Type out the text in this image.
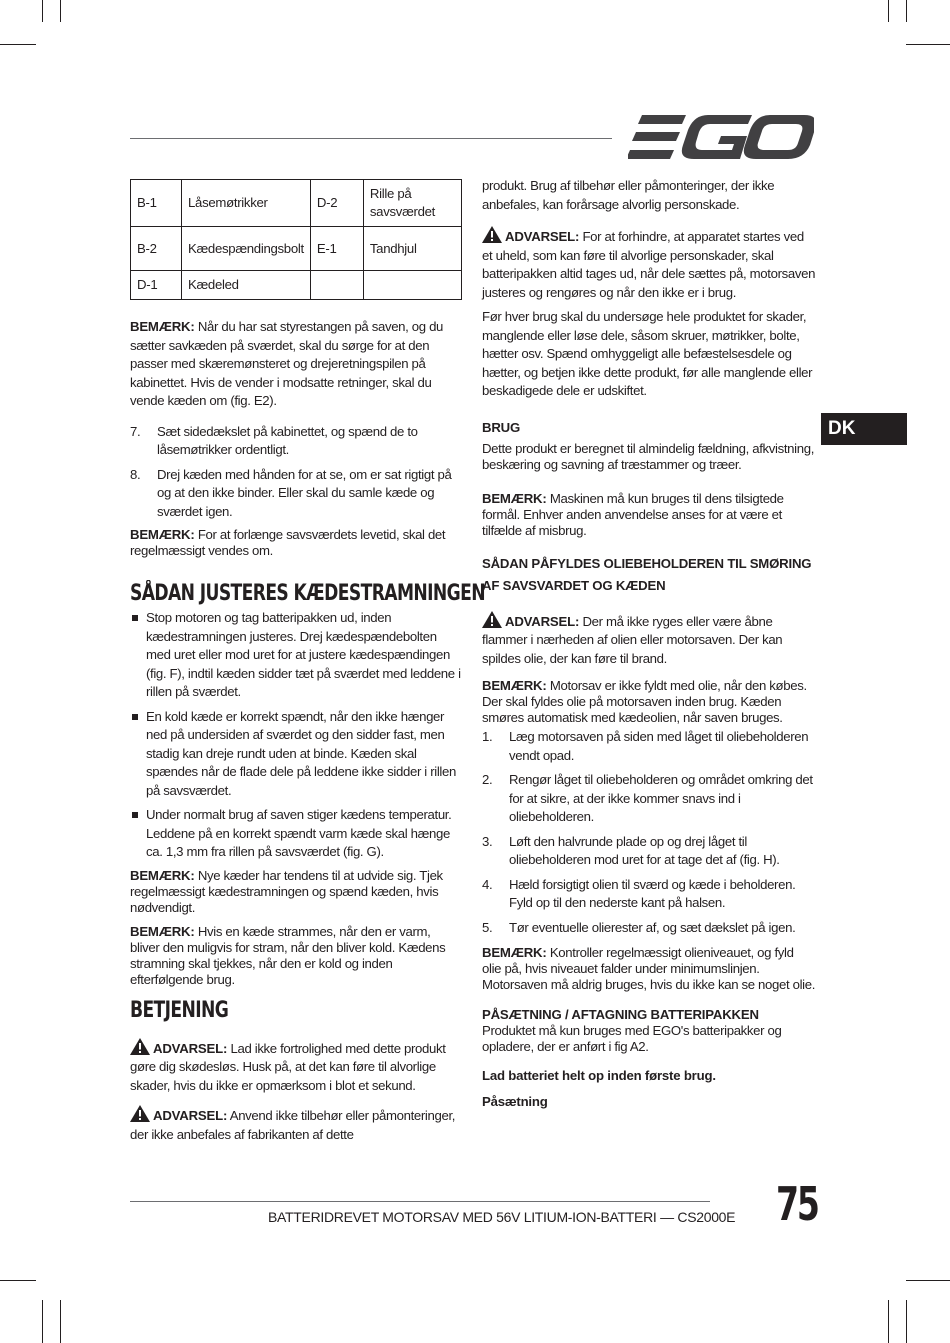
EGO
DK
B-1	Låsemøtrikker	D-2	Rille på savsværdet
B-2	Kædespændingsbolt	E-1	Tandhjul
D-1	Kædeled		

BEMÆRK: Når du har sat styrestangen på saven, og du sætter savkæden på sværdet, skal du sørge for at den passer med skæremønsteret og drejeretningspilen på kabinettet. Hvis de vender i modsatte retninger, skal du vende kæden om (fig. E2).

7. Sæt sidedækslet på kabinettet, og spænd de to låsemøtrikker ordentligt.
8. Drej kæden med hånden for at se, om er sat rigtigt på og at den ikke binder. Eller skal du samle kæde og sværdet igen.

BEMÆRK: For at forlænge savsværdets levetid, skal det regelmæssigt vendes om.

SÅDAN JUSTERES KÆDESTRAMNINGEN
Stop motoren og tag batteripakken ud, inden kædestramningen justeres. Drej kædespændebolten med uret eller mod uret for at justere kædespændingen (fig. F), indtil kæden sidder tæt på sværdet med leddene i rillen på sværdet.
En kold kæde er korrekt spændt, når den ikke hænger ned på undersiden af sværdet og den sidder fast, men stadig kan dreje rundt uden at binde. Kæden skal spændes når de flade dele på leddene ikke sidder i rillen på savsværdet.
Under normalt brug af saven stiger kædens temperatur. Leddene på en korrekt spændt varm kæde skal hænge ca. 1,3 mm fra rillen på savsværdet (fig. G).

BEMÆRK: Nye kæder har tendens til at udvide sig. Tjek regelmæssigt kædestramningen og spænd kæden, hvis nødvendigt.

BEMÆRK: Hvis en kæde strammes, når den er varm, bliver den muligvis for stram, når den bliver kold. Kædens stramning skal tjekkes, når den er kold og inden efterfølgende brug.

BETJENING

ADVARSEL: Lad ikke fortrolighed med dette produkt gøre dig skødesløs. Husk på, at det kan føre til alvorlige skader, hvis du ikke er opmærksom i blot et sekund.

ADVARSEL: Anvend ikke tilbehør eller påmonteringer, der ikke anbefales af fabrikanten af dette

produkt. Brug af tilbehør eller påmonteringer, der ikke anbefales, kan forårsage alvorlig personskade.

ADVARSEL: For at forhindre, at apparatet startes ved et uheld, som kan føre til alvorlige personskader, skal batteripakken altid tages ud, når dele sættes på, motorsaven justeres og rengøres og når den ikke er i brug.

Før hver brug skal du undersøge hele produktet for skader, manglende eller løse dele, såsom skruer, møtrikker, bolte, hætter osv. Spænd omhyggeligt alle befæstelsesdele og hætter, og betjen ikke dette produkt, før alle manglende eller beskadigede dele er udskiftet.

BRUG

Dette produkt er beregnet til almindelig fældning, afkvistning, beskæring og savning af træstammer og træer.

BEMÆRK: Maskinen må kun bruges til dens tilsigtede formål. Enhver anden anvendelse anses for at være et tilfælde af misbrug.

SÅDAN PÅFYLDES OLIEBEHOLDEREN TIL SMØRING AF SAVSVARDET OG KÆDEN

ADVARSEL: Der må ikke ryges eller være åbne flammer i nærheden af olien eller motorsaven. Der kan spildes olie, der kan føre til brand.

BEMÆRK: Motorsav er ikke fyldt med olie, når den købes. Der skal fyldes olie på motorsaven inden brug. Kæden smøres automatisk med kædeolien, når saven bruges.

1. Læg motorsaven på siden med låget til oliebeholderen vendt opad.
2. Rengør låget til oliebeholderen og området omkring det for at sikre, at der ikke kommer snavs ind i oliebeholderen.
3. Løft den halvrunde plade op og drej låget til oliebeholderen mod uret for at tage det af (fig. H).
4. Hæld forsigtigt olien til sværd og kæde i beholderen. Fyld op til den nederste kant på halsen.
5. Tør eventuelle olierester af, og sæt dækslet på igen.

BEMÆRK: Kontroller regelmæssigt olieniveauet, og fyld olie på, hvis niveauet falder under minimumslinjen. Motorsaven må aldrig bruges, hvis du ikke kan se noget olie.

PÅSÆTNING / AFTAGNING BATTERIPAKKEN

Produktet må kun bruges med EGO's batteripakker og opladere, der er anført i fig A2.

Lad batteriet helt op inden første brug.
Påsætning
BATTERIDREVET MOTORSAV MED 56V LITIUM-ION-BATTERI — CS2000E 75
